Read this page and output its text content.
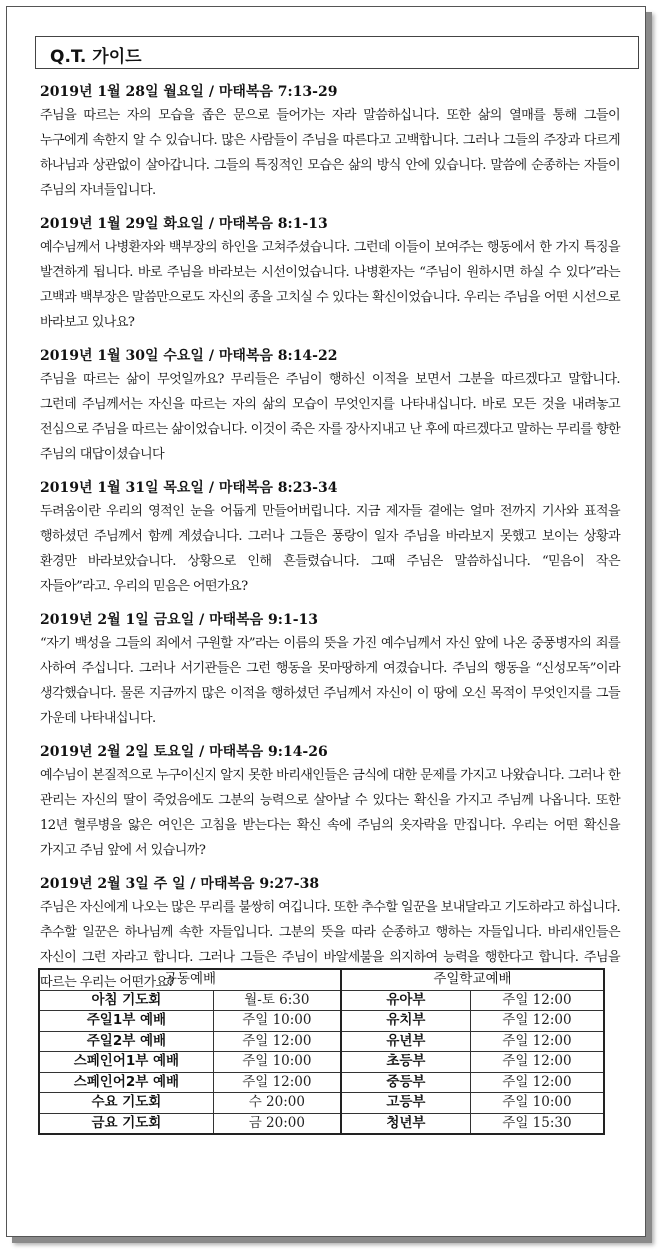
Q.T. 가이드
2019년 1월 28일 월요일 / 마태복음 7:13-29
주님을 따르는 자의 모습을 좁은 문으로 들어가는 자라 말씀하십니다. 또한 삶의 열매를 통해 그들이 누구에게 속한지 알 수 있습니다. 많은 사람들이 주님을 따른다고 고백합니다. 그러나 그들의 주장과 다르게 하나님과 상관없이 살아갑니다. 그들의 특징적인 모습은 삶의 방식 안에 있습니다. 말씀에 순종하는 자들이 주님의 자녀들입니다.
2019년 1월 29일 화요일 / 마태복음 8:1-13
예수님께서 나병환자와 백부장의 하인을 고쳐주셨습니다. 그런데 이들이 보여주는 행동에서 한 가지 특징을 발견하게 됩니다. 바로 주님을 바라보는 시선이었습니다. 나병환자는 “주님이 원하시면 하실 수 있다”라는 고백과 백부장은 말씀만으로도 자신의 종을 고치실 수 있다는 확신이었습니다. 우리는 주님을 어떤 시선으로 바라보고 있나요?
2019년 1월 30일 수요일 / 마태복음 8:14-22
주님을 따르는 삶이 무엇일까요? 무리들은 주님이 행하신 이적을 보면서 그분을 따르겠다고 말합니다. 그런데 주님께서는 자신을 따르는 자의 삶의 모습이 무엇인지를 나타내십니다. 바로 모든 것을 내려놓고 전심으로 주님을 따르는 삶이었습니다. 이것이 죽은 자를 장사지내고 난 후에 따르겠다고 말하는 무리를 향한 주님의 대답이셨습니다
2019년 1월 31일 목요일 / 마태복음 8:23-34
두려움이란 우리의 영적인 눈을 어둡게 만들어버립니다. 지금 제자들 곁에는 얼마 전까지 기사와 표적을 행하셨던 주님께서 함께 계셨습니다. 그러나 그들은 풍랑이 일자 주님을 바라보지 못했고 보이는 상황과 환경만 바라보았습니다. 상황으로 인해 흔들렸습니다. 그때 주님은 말씀하십니다. “믿음이 작은 자들아”라고. 우리의 믿음은 어떤가요?
2019년 2월 1일 금요일 / 마태복음 9:1-13
“자기 백성을 그들의 죄에서 구원할 자”라는 이름의 뜻을 가진 예수님께서 자신 앞에 나온 중풍병자의 죄를 사하여 주십니다. 그러나 서기관들은 그런 행동을 못마땅하게 여겼습니다. 주님의 행동을 “신성모독”이라 생각했습니다. 물론 지금까지 많은 이적을 행하셨던 주님께서 자신이 이 땅에 오신 목적이 무엇인지를 그들 가운데 나타내십니다.
2019년 2월 2일 토요일 / 마태복음 9:14-26
예수님이 본질적으로 누구이신지 알지 못한 바리새인들은 금식에 대한 문제를 가지고 나왔습니다. 그러나 한 관리는 자신의 딸이 죽었음에도 그분의 능력으로 살아날 수 있다는 확신을 가지고 주님께 나옵니다. 또한 12년 혈루병을 앓은 여인은 고침을 받는다는 확신 속에 주님의 옷자락을 만집니다. 우리는 어떤 확신을 가지고 주님 앞에 서 있습니까?
2019년 2월 3일 주 일 / 마태복음 9:27-38
주님은 자신에게 나오는 많은 무리를 불쌍히 여깁니다. 또한 추수할 일꾼을 보내달라고 기도하라고 하십니다. 추수할 일꾼은 하나님께 속한 자들입니다. 그분의 뜻을 따라 순종하고 행하는 자들입니다. 바리새인들은 자신이 그런 자라고 합니다. 그러나 그들은 주님이 바알세불을 의지하여 능력을 행한다고 합니다. 주님을 따르는 우리는 어떤가요?
공동예배		주일학교예배	
아침 기도회	월-토 6:30	유아부	주일 12:00
주일1부 예배	주일 10:00	유치부	주일 12:00
주일2부 예배	주일 12:00	유년부	주일 12:00
스페인어1부 예배	주일 10:00	초등부	주일 12:00
스페인어2부 예배	주일 12:00	중등부	주일 12:00
수요 기도회	수 20:00	고등부	주일 10:00
금요 기도회	금 20:00	청년부	주일 15:30
